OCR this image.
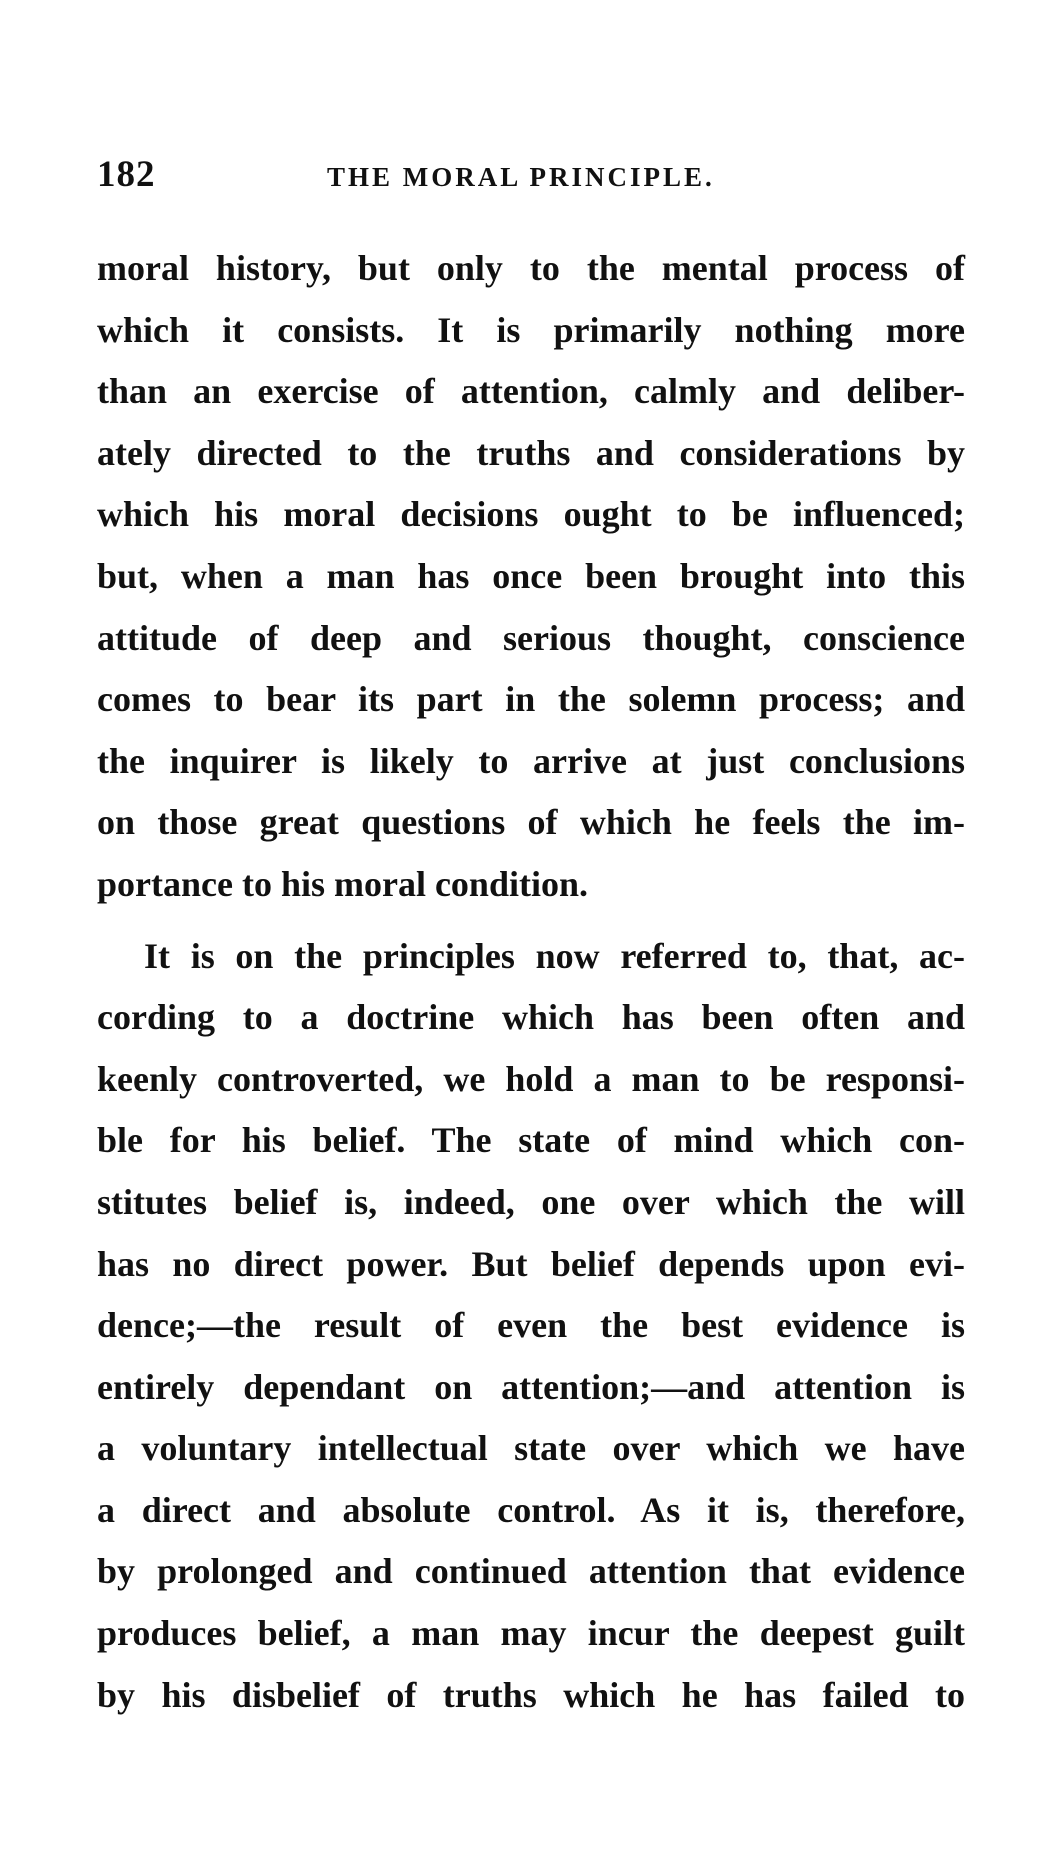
182	THE MORAL PRINCIPLE.
moral history, but only to the mental process of
which it consists. It is primarily nothing more
than an exercise of attention, calmly and deliber-
ately directed to the truths and considerations by
which his moral decisions ought to be influenced;
but, when a man has once been brought into this
attitude of deep and serious thought, conscience
comes to bear its part in the solemn process; and
the inquirer is likely to arrive at just conclusions
on those great questions of which he feels the im-
portance to his moral condition.
It is on the principles now referred to, that, ac-
cording to a doctrine which has been often and
keenly controverted, we hold a man to be responsi-
ble for his belief. The state of mind which con-
stitutes belief is, indeed, one over which the will
has no direct power. But belief depends upon evi-
dence;—the result of even the best evidence is
entirely dependant on attention;—and attention is
a voluntary intellectual state over which we have
a direct and absolute control. As it is, therefore,
by prolonged and continued attention that evidence
produces belief, a man may incur the deepest guilt
by his disbelief of truths which he has failed to
